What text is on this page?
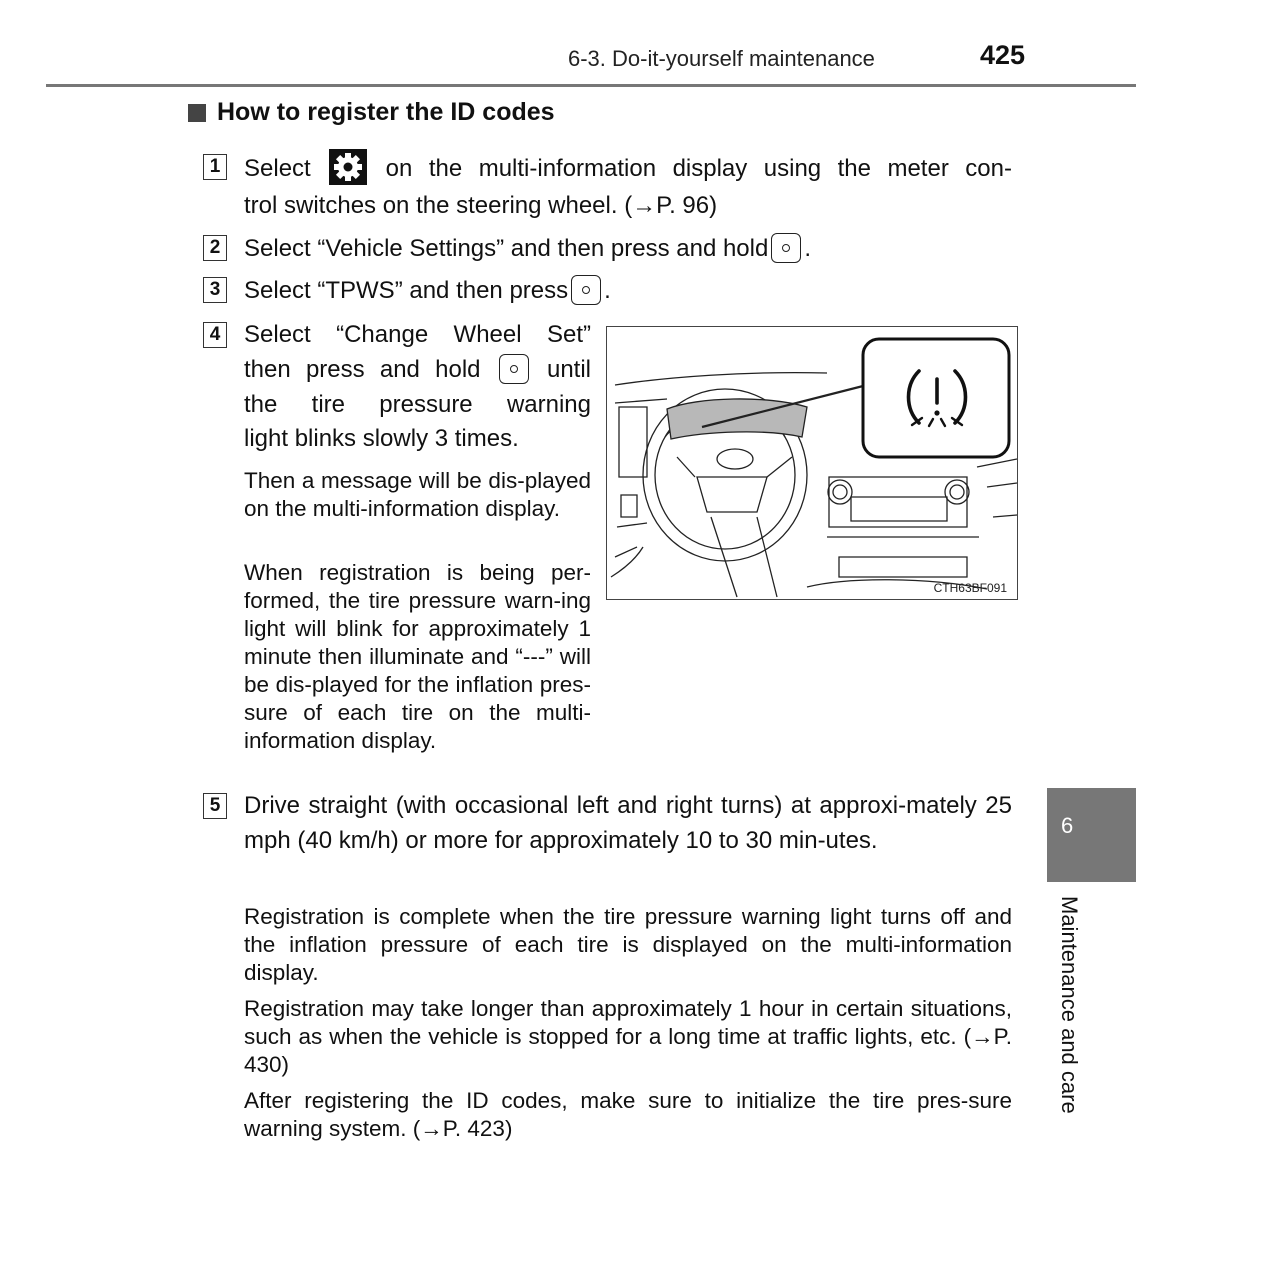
6-3. Do-it-yourself maintenance	425
How to register the ID codes
1 Select	on the multi-information display using the meter con-
trol switches on the steering wheel. (→P. 96)
2 Select “Vehicle Settings” and then press and hold .
3 Select “TPWS” and then press .
4 Select “Change Wheel Set”
then press and hold	until
the tire pressure warning
light blinks slowly 3 times.
Then a message will be dis-played on the multi-information display.
When registration is being per-formed, the tire pressure warn-ing light will blink for approximately 1 minute then illuminate and “---” will be dis-played for the inflation pres-sure of each tire on the multi-information display.
CTH63BF091
5 Drive straight (with occasional left and right turns) at approxi-mately 25 mph (40 km/h) or more for approximately 10 to 30 min-utes.
Registration is complete when the tire pressure warning light turns off and the inflation pressure of each tire is displayed on the multi-information display.
Registration may take longer than approximately 1 hour in certain situations, such as when the vehicle is stopped for a long time at traffic lights, etc. (→P. 430)
After registering the ID codes, make sure to initialize the tire pres-sure warning system. (→P. 423)
6
Maintenance and care
